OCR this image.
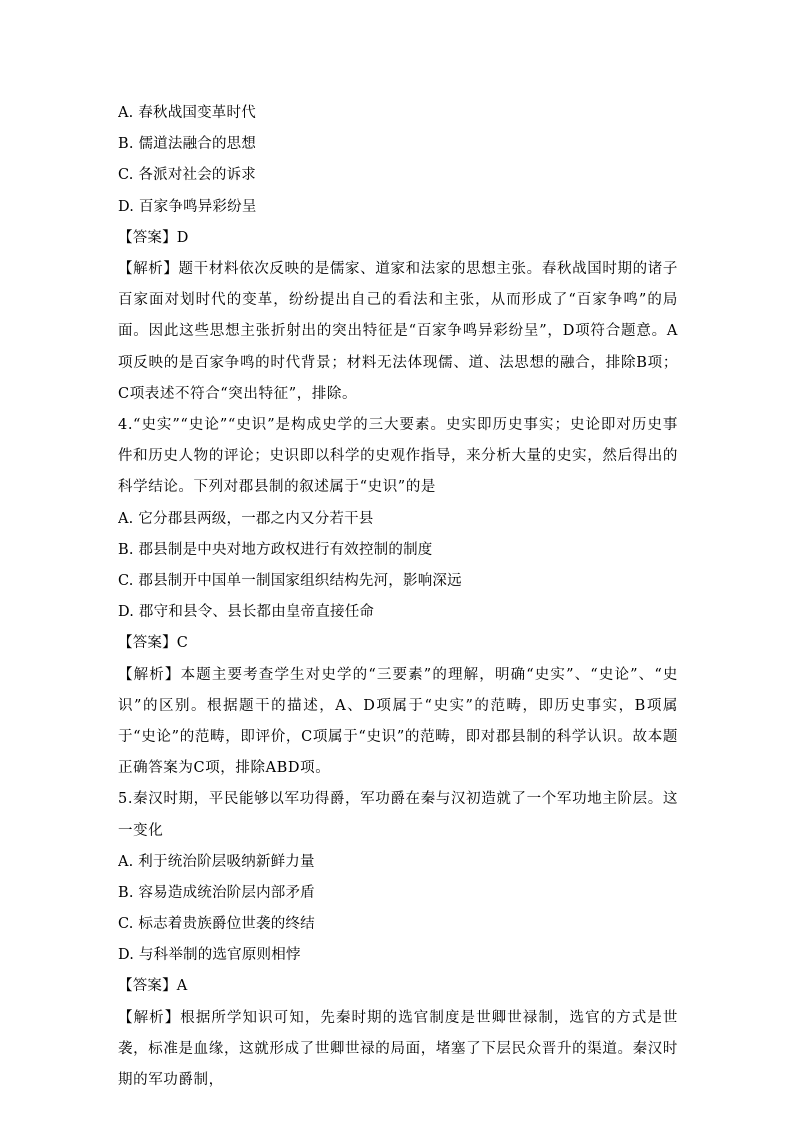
A. 春秋战国变革时代
B. 儒道法融合的思想
C. 各派对社会的诉求
D. 百家争鸣异彩纷呈
【答案】D
【解析】题干材料依次反映的是儒家、道家和法家的思想主张。春秋战国时期的诸子百家面对划时代的变革，纷纷提出自己的看法和主张，从而形成了“百家争鸣”的局面。因此这些思想主张折射出的突出特征是“百家争鸣异彩纷呈”，D项符合题意。A项反映的是百家争鸣的时代背景；材料无法体现儒、道、法思想的融合，排除B项；C项表述不符合“突出特征”，排除。
4.“史实”“史论”“史识”是构成史学的三大要素。史实即历史事实；史论即对历史事件和历史人物的评论；史识即以科学的史观作指导，来分析大量的史实，然后得出的科学结论。下列对郡县制的叙述属于“史识”的是
A. 它分郡县两级，一郡之内又分若干县
B. 郡县制是中央对地方政权进行有效控制的制度
C. 郡县制开中国单一制国家组织结构先河，影响深远
D. 郡守和县令、县长都由皇帝直接任命
【答案】C
【解析】本题主要考查学生对史学的“三要素”的理解，明确“史实”、“史论”、“史识”的区别。根据题干的描述，A、D项属于“史实”的范畴，即历史事实，B项属于“史论”的范畴，即评价，C项属于“史识”的范畴，即对郡县制的科学认识。故本题正确答案为C项，排除ABD项。
5.秦汉时期，平民能够以军功得爵，军功爵在秦与汉初造就了一个军功地主阶层。这一变化
A. 利于统治阶层吸纳新鲜力量
B. 容易造成统治阶层内部矛盾
C. 标志着贵族爵位世袭的终结
D. 与科举制的选官原则相悖
【答案】A
【解析】根据所学知识可知，先秦时期的选官制度是世卿世禄制，选官的方式是世袭，标准是血缘，这就形成了世卿世禄的局面，堵塞了下层民众晋升的渠道。秦汉时期的军功爵制，
